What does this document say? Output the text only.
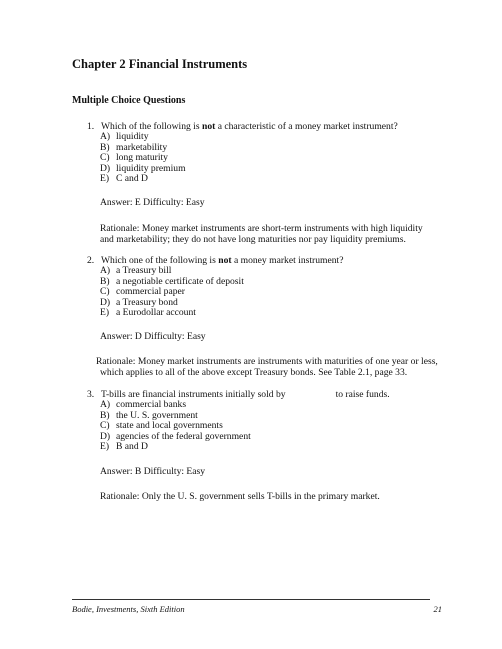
Chapter 2 Financial Instruments
Multiple Choice Questions
1. Which of the following is not a characteristic of a money market instrument?
A) liquidity
B) marketability
C) long maturity
D) liquidity premium
E) C and D
Answer: E Difficulty: Easy
Rationale: Money market instruments are short-term instruments with high liquidity
and marketability; they do not have long maturities nor pay liquidity premiums.
2. Which one of the following is not a money market instrument?
A) a Treasury bill
B) a negotiable certificate of deposit
C) commercial paper
D) a Treasury bond
E) a Eurodollar account
Answer: D Difficulty: Easy
Rationale: Money market instruments are instruments with maturities of one year or less,
which applies to all of the above except Treasury bonds. See Table 2.1, page 33.
3. T-bills are financial instruments initially sold by	to raise funds.
A) commercial banks
B) the U. S. government
C) state and local governments
D) agencies of the federal government
E) B and D
Answer: B Difficulty: Easy
Rationale: Only the U. S. government sells T-bills in the primary market.
Bodie, Investments, Sixth Edition	21
